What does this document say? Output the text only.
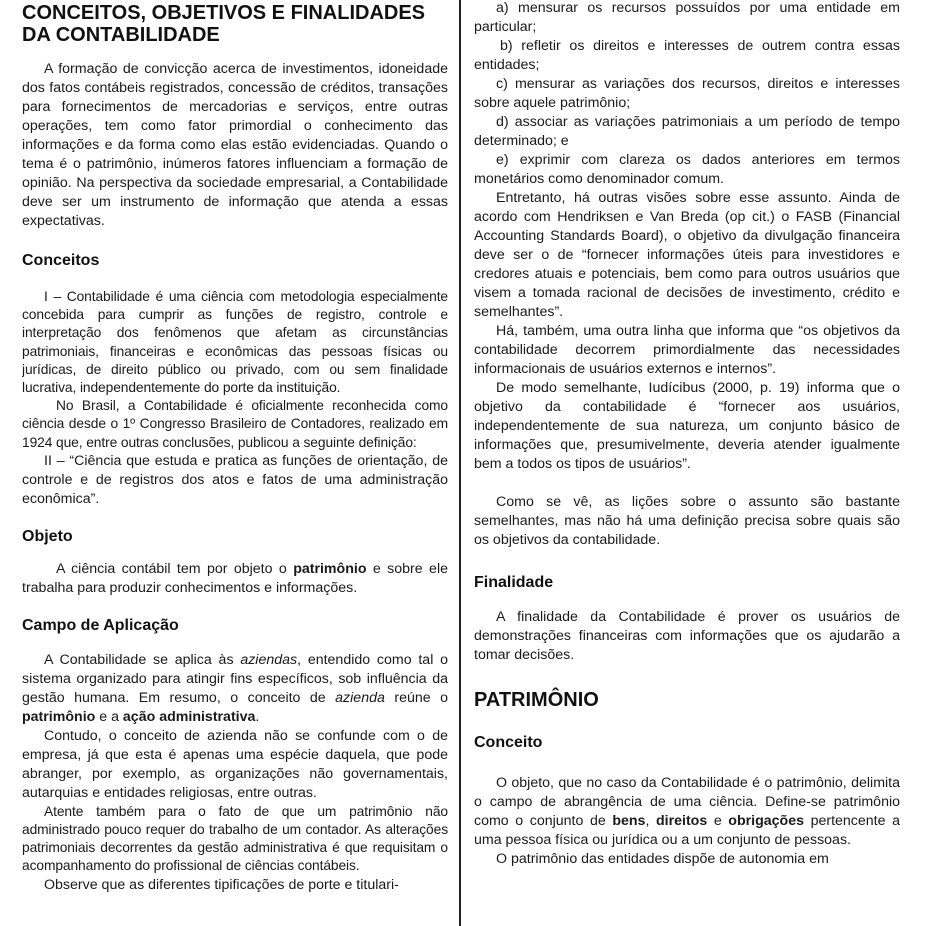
CONCEITOS, OBJETIVOS E FINALIDADES DA CONTABILIDADE

A formação de convicção acerca de investimentos, idoneidade dos fatos contábeis registrados, concessão de créditos, transações para fornecimentos de mercadorias e serviços, entre outras operações, tem como fator primordial o conhecimento das informações e da forma como elas estão evidenciadas. Quando o tema é o patrimônio, inúmeros fatores influenciam a formação de opinião. Na perspectiva da sociedade empresarial, a Contabilidade deve ser um instrumento de informação que atenda a essas expectativas.

Conceitos

I – Contabilidade é uma ciência com metodologia especialmente concebida para cumprir as funções de registro, controle e interpretação dos fenômenos que afetam as circunstâncias patrimoniais, financeiras e econômicas das pessoas físicas ou jurídicas, de direito público ou privado, com ou sem finalidade lucrativa, independentemente do porte da instituição.

No Brasil, a Contabilidade é oficialmente reconhecida como ciência desde o 1º Congresso Brasileiro de Contadores, realizado em 1924 que, entre outras conclusões, publicou a seguinte definição:

II – “Ciência que estuda e pratica as funções de orientação, de controle e de registros dos atos e fatos de uma administração econômica”.

Objeto

A ciência contábil tem por objeto o patrimônio e sobre ele trabalha para produzir conhecimentos e informações.

Campo de Aplicação

A Contabilidade se aplica às aziendas, entendido como tal o sistema organizado para atingir fins específicos, sob influência da gestão humana. Em resumo, o conceito de azienda reúne o patrimônio e a ação administrativa.

Contudo, o conceito de azienda não se confunde com o de empresa, já que esta é apenas uma espécie daquela, que pode abranger, por exemplo, as organizações não governamentais, autarquias e entidades religiosas, entre outras.

Atente também para o fato de que um patrimônio não administrado pouco requer do trabalho de um contador. As alterações patrimoniais decorrentes da gestão administrativa é que requisitam o acompanhamento do profissional de ciências contábeis.

Observe que as diferentes tipificações de porte e titulari-

a) mensurar os recursos possuídos por uma entidade em particular;

b) refletir os direitos e interesses de outrem contra essas entidades;

c) mensurar as variações dos recursos, direitos e interesses sobre aquele patrimônio;

d) associar as variações patrimoniais a um período de tempo determinado; e

e) exprimir com clareza os dados anteriores em termos monetários como denominador comum.

Entretanto, há outras visões sobre esse assunto. Ainda de acordo com Hendriksen e Van Breda (op cit.) o FASB (Financial Accounting Standards Board), o objetivo da divulgação financeira deve ser o de “fornecer informações úteis para investidores e credores atuais e potenciais, bem como para outros usuários que visem a tomada racional de decisões de investimento, crédito e semelhantes”.

Há, também, uma outra linha que informa que “os objetivos da contabilidade decorrem primordialmente das necessidades informacionais de usuários externos e internos”.

De modo semelhante, Iudícibus (2000, p. 19) informa que o objetivo da contabilidade é “fornecer aos usuários, independentemente de sua natureza, um conjunto básico de informações que, presumivelmente, deveria atender igualmente bem a todos os tipos de usuários”.

Como se vê, as lições sobre o assunto são bastante semelhantes, mas não há uma definição precisa sobre quais são os objetivos da contabilidade.

Finalidade

A finalidade da Contabilidade é prover os usuários de demonstrações financeiras com informações que os ajudarão a tomar decisões.

PATRIMÔNIO
Conceito

O objeto, que no caso da Contabilidade é o patrimônio, delimita o campo de abrangência de uma ciência. Define-se patrimônio como o conjunto de bens, direitos e obrigações pertencente a uma pessoa física ou jurídica ou a um conjunto de pessoas.

O patrimônio das entidades dispõe de autonomia em
